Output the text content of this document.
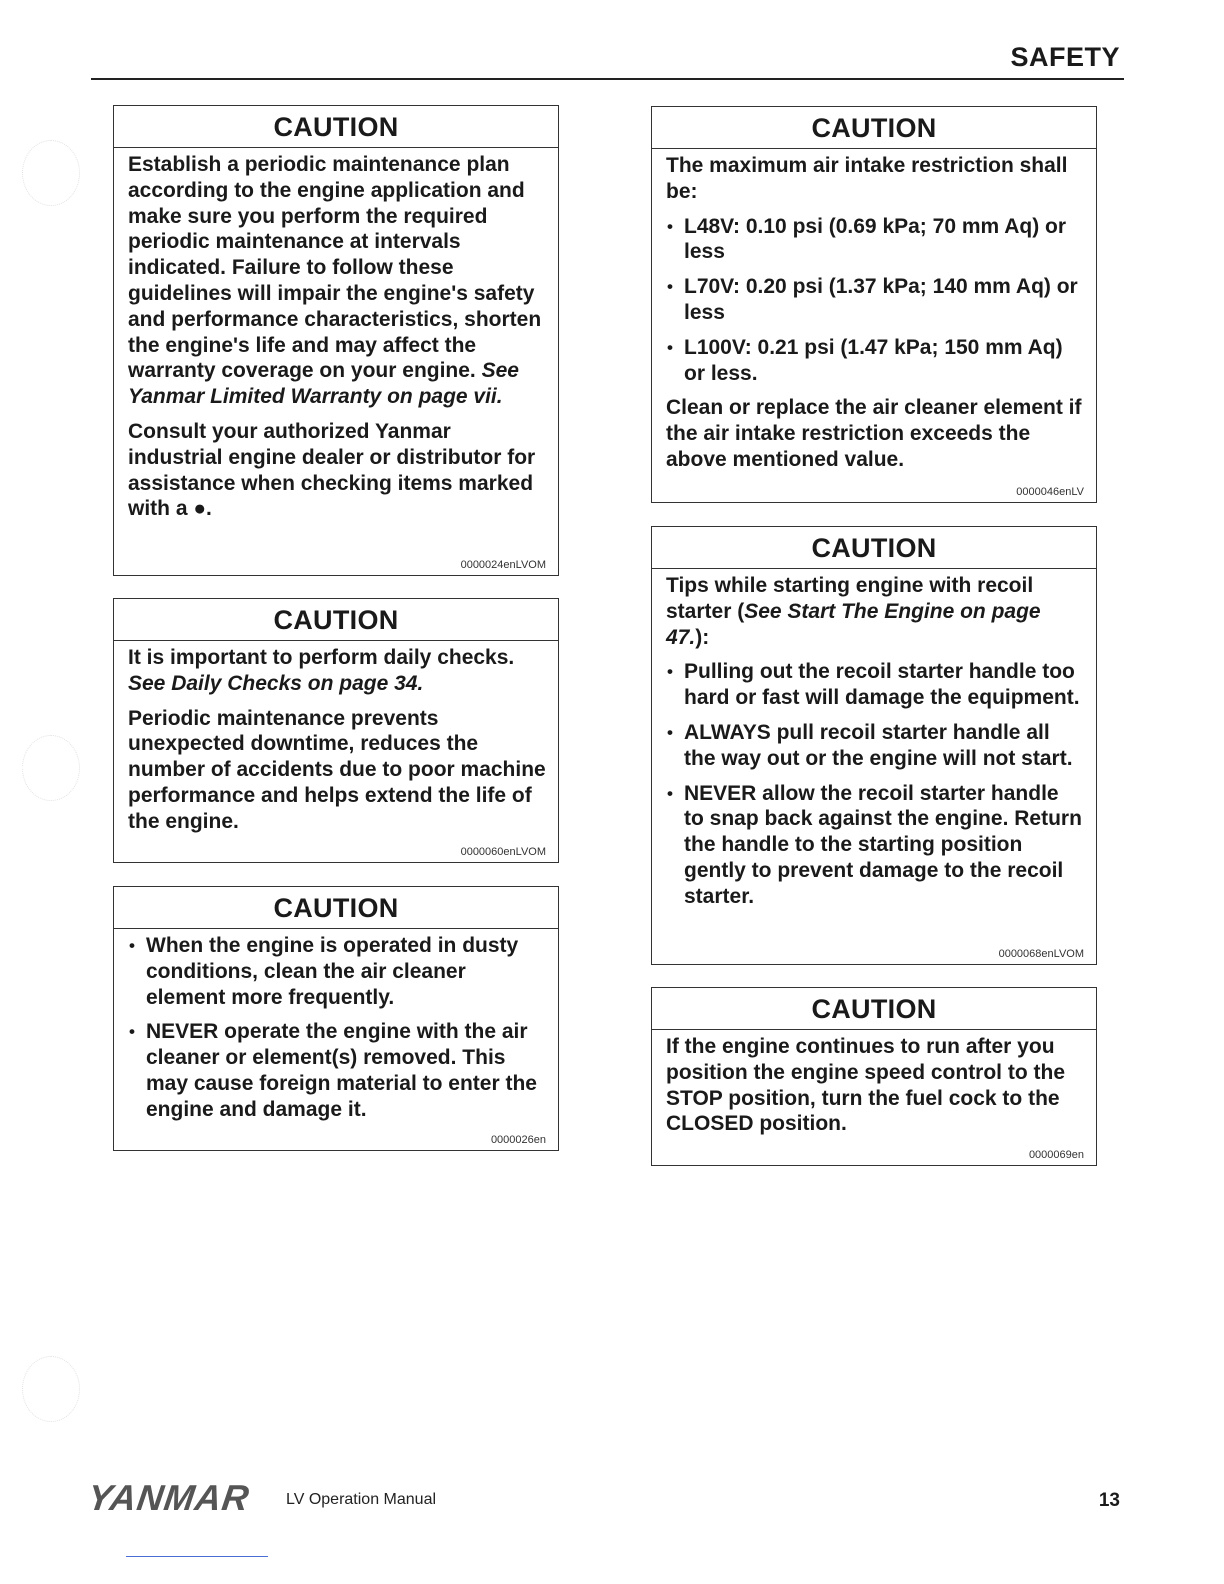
SAFETY
CAUTION

Establish a periodic maintenance plan according to the engine application and make sure you perform the required periodic maintenance at intervals indicated. Failure to follow these guidelines will impair the engine's safety and performance characteristics, shorten the engine's life and may affect the warranty coverage on your engine. See Yanmar Limited Warranty on page vii.

Consult your authorized Yanmar industrial engine dealer or distributor for assistance when checking items marked with a ●.

0000024enLVOM
CAUTION

It is important to perform daily checks.
See Daily Checks on page 34.

Periodic maintenance prevents unexpected downtime, reduces the number of accidents due to poor machine performance and helps extend the life of the engine.

0000060enLVOM
CAUTION
• When the engine is operated in dusty conditions, clean the air cleaner element more frequently.
• NEVER operate the engine with the air cleaner or element(s) removed. This may cause foreign material to enter the engine and damage it.
0000026en
CAUTION

The maximum air intake restriction shall be:

• L48V: 0.10 psi (0.69 kPa; 70 mm Aq) or less
• L70V: 0.20 psi (1.37 kPa; 140 mm Aq) or less
• L100V: 0.21 psi (1.47 kPa; 150 mm Aq) or less.

Clean or replace the air cleaner element if the air intake restriction exceeds the above mentioned value.

0000046enLV
CAUTION

Tips while starting engine with recoil starter (See Start The Engine on page 47.):

• Pulling out the recoil starter handle too hard or fast will damage the equipment.
• ALWAYS pull recoil starter handle all the way out or the engine will not start.
• NEVER allow the recoil starter handle to snap back against the engine. Return the handle to the starting position gently to prevent damage to the recoil starter.
0000068enLVOM
CAUTION

If the engine continues to run after you position the engine speed control to the STOP position, turn the fuel cock to the CLOSED position.

0000069en
YANMAR LV Operation Manual	13
